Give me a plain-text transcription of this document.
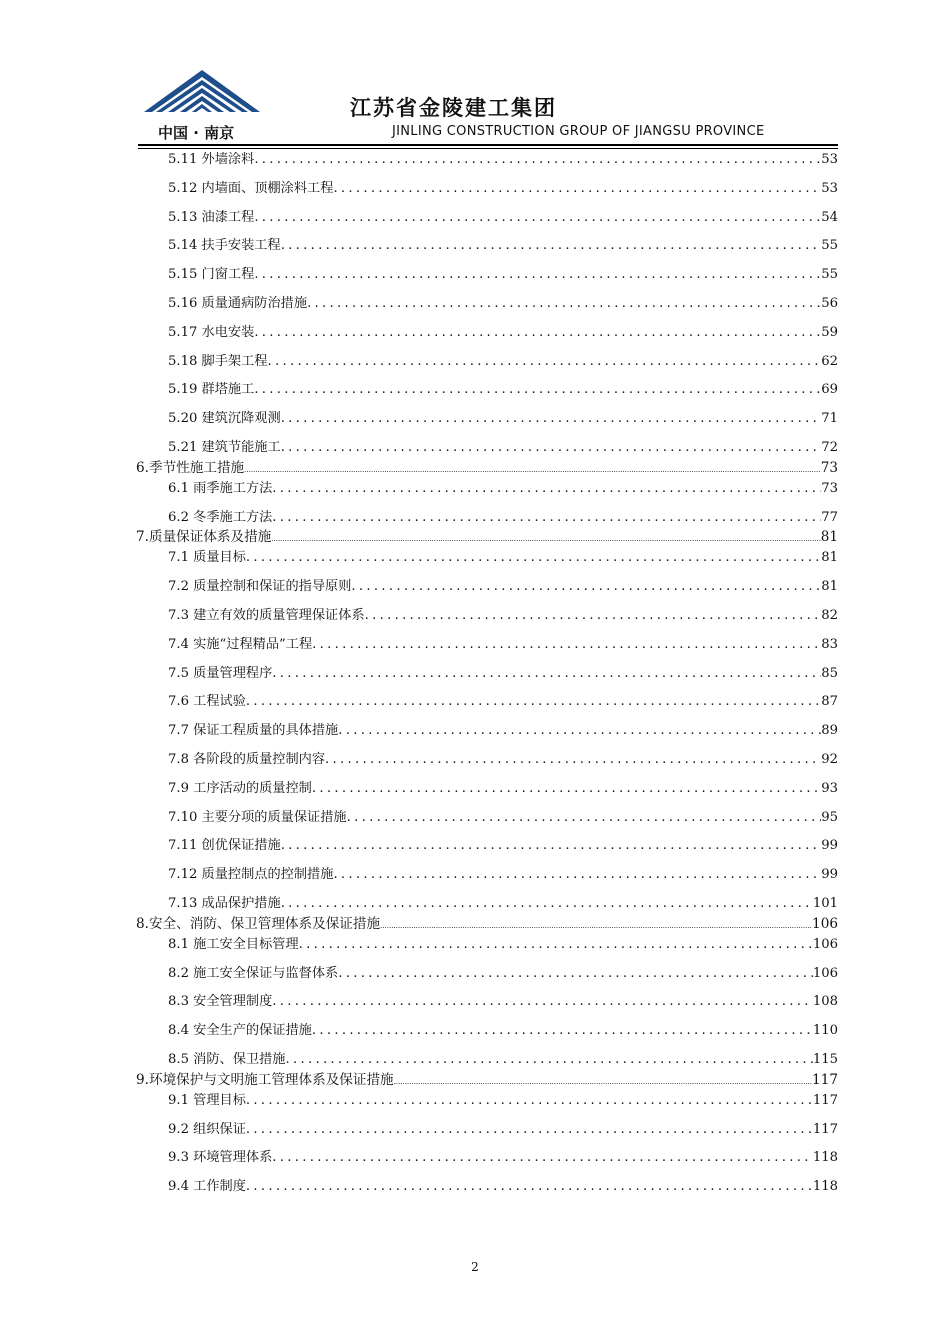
江苏省金陵建工集团
中国 · 南京	JINLING CONSTRUCTION GROUP OF JIANGSU PROVINCE
5.11 外墙涂料 .....	53
5.12 内墙面、顶棚涂料工程 .....	53
5.13 油漆工程 .....	54
5.14 扶手安装工程 .....	55
5.15 门窗工程 .....	55
5.16 质量通病防治措施 .....	56
5.17 水电安装 .....	59
5.18 脚手架工程 .....	62
5.19 群塔施工 .....	69
5.20 建筑沉降观测 .....	71
5.21 建筑节能施工 .....	72
6.季节性施工措施 .....	73
6.1 雨季施工方法 .....	73
6.2 冬季施工方法 .....	77
7.质量保证体系及措施 .....	81
7.1 质量目标 .....	81
7.2 质量控制和保证的指导原则 .....	81
7.3 建立有效的质量管理保证体系 .....	82
7.4 实施“过程精品”工程 .....	83
7.5 质量管理程序 .....	85
7.6 工程试验 .....	87
7.7 保证工程质量的具体措施 .....	89
7.8 各阶段的质量控制内容 .....	92
7.9 工序活动的质量控制 .....	93
7.10 主要分项的质量保证措施 .....	95
7.11 创优保证措施 .....	99
7.12 质量控制点的控制措施 .....	99
7.13 成品保护措施 .....	101
8.安全、消防、保卫管理体系及保证措施 .....	106
8.1 施工安全目标管理 .....	106
8.2 施工安全保证与监督体系 .....	106
8.3 安全管理制度 .....	108
8.4 安全生产的保证措施 .....	110
8.5 消防、保卫措施 .....	115
9.环境保护与文明施工管理体系及保证措施 .....	117
9.1 管理目标 .....	117
9.2 组织保证 .....	117
9.3 环境管理体系 .....	118
9.4 工作制度 .....	118
2
